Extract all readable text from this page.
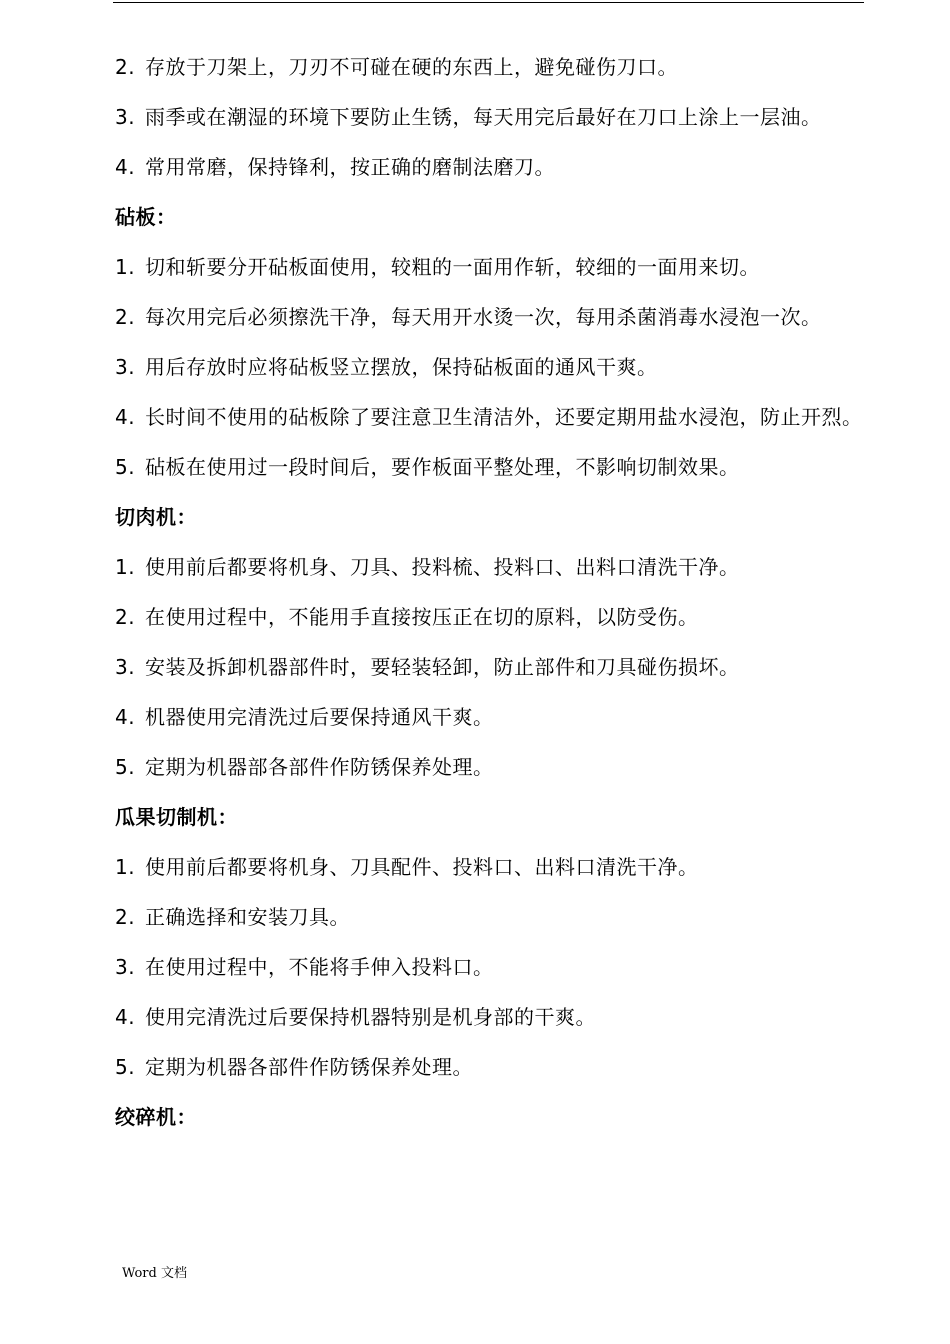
2. 存放于刀架上，刀刃不可碰在硬的东西上，避免碰伤刀口。
3. 雨季或在潮湿的环境下要防止生锈，每天用完后最好在刀口上涂上一层油。
4. 常用常磨，保持锋利，按正确的磨制法磨刀。
砧板：
1. 切和斩要分开砧板面使用，较粗的一面用作斩，较细的一面用来切。
2. 每次用完后必须擦洗干净，每天用开水烫一次，每用杀菌消毒水浸泡一次。
3. 用后存放时应将砧板竖立摆放，保持砧板面的通风干爽。
4. 长时间不使用的砧板除了要注意卫生清洁外，还要定期用盐水浸泡，防止开烈。
5. 砧板在使用过一段时间后，要作板面平整处理，不影响切制效果。
切肉机：
1. 使用前后都要将机身、刀具、投料梳、投料口、出料口清洗干净。
2. 在使用过程中，不能用手直接按压正在切的原料，以防受伤。
3. 安装及拆卸机器部件时，要轻装轻卸，防止部件和刀具碰伤损坏。
4. 机器使用完清洗过后要保持通风干爽。
5. 定期为机器部各部件作防锈保养处理。
瓜果切制机：
1. 使用前后都要将机身、刀具配件、投料口、出料口清洗干净。
2. 正确选择和安装刀具。
3. 在使用过程中，不能将手伸入投料口。
4. 使用完清洗过后要保持机器特别是机身部的干爽。
5. 定期为机器各部件作防锈保养处理。
绞碎机：
Word 文档
